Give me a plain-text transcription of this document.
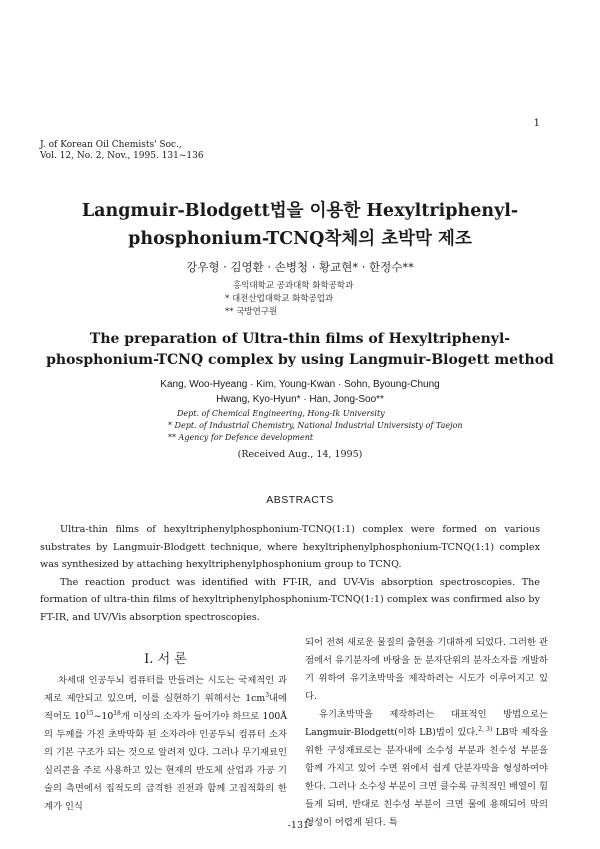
1
J. of Korean Oil Chemists' Soc.,
Vol. 12, No. 2, Nov., 1995. 131~136
Langmuir-Blodgett법을 이용한 Hexyltriphenyl-
phosphonium-TCNQ착체의 초박막 제조
강우형 · 김영환 · 손병청 · 황교현* · 한정수**
홍익대학교 공과대학 화학공학과
* 대전산업대학교 화학공업과
** 국방연구원
The preparation of Ultra-thin films of Hexyltriphenyl-
phosphonium-TCNQ complex by using Langmuir-Blogett method
Kang, Woo-Hyeang · Kim, Young-Kwan · Sohn, Byoung-Chung
Hwang, Kyo-Hyun* · Han, Jong-Soo**
Dept. of Chemical Engineering, Hong-Ik University
* Dept. of Industrial Chemistry, National Industrial Universisty of Taejon
** Agency for Defence development
(Received Aug., 14, 1995)
ABSTRACTS

Ultra-thin films of hexyltriphenylphosphonium-TCNQ(1:1) complex were formed on various substrates by Langmuir-Blodgett technique, where hexyltriphenylphosphonium-TCNQ(1:1) complex was synthesized by attaching hexyltriphenylphosphonium group to TCNQ.

The reaction product was identified with FT-IR, and UV-Vis absorption spectroscopies. The formation of ultra-thin films of hexyltriphenylphosphonium-TCNQ(1:1) complex was confirmed also by FT-IR, and UV/Vis absorption spectroscopies.

I. 서 론

차세대 인공두뇌 컴퓨터를 만들려는 시도는 국제적인 과제로 제안되고 있으며, 이를 실현하기 위해서는 $1cm^3$내에 적어도 $10^{15}\sim 10^{18}$개 이상의 소자가 들어가야 하므로 100Å의 두께를 가진 초박막화 된 소자라야 인공두뇌 컴퓨터 소자의 기본 구조가 되는 것으로 알려져 있다. 그러나 무기재료인 실리콘을 주로 사용하고 있는 현재의 반도체 산업과 가공 기술의 측면에서 집적도의 급격한 진전과 함께 고집적화의 한계가 인식

되어 전혀 새로운 물질의 출현을 기대하게 되었다. 그러한 관점에서 유기분자에 바탕을 둔 분자단위의 분자소자를 개발하기 위하여 유기초박막을 제작하려는 시도가 이루어지고 있다.

유기초박막을 제작하려는 대표적인 방법으로는 Langmuir-Blodgett(이하 LB)법이 있다.$^{2, 3)}$ LB막 제작을 위한 구성재료로는 분자내에 소수성 부분과 친수성 부분을 함께 가지고 있어 수면 위에서 쉽게 단분자막을 형성하여야 한다. 그러나 소수성 부분이 크면 클수록 규칙적인 배열이 힘들게 되며, 반대로 친수성 부분이 크면 물에 용해되어 막의 형성이 어렵게 된다. 특

-131-
